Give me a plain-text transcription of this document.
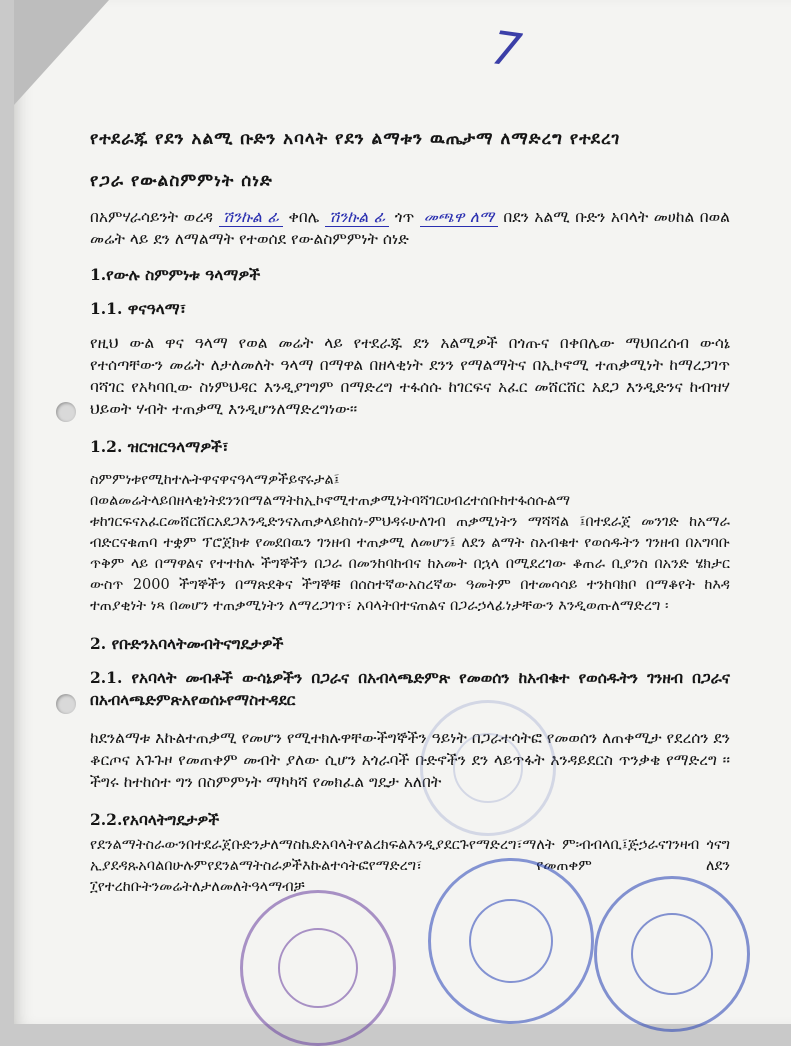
7
የተደራጁ የደን አልሚ ቡድን አባላት የደን ልማቱን ዉጤታማ ለማድረግ የተደረገ
የጋራ የውልስምምነት ሰነድ
በአምሃራሳይንት ወረዳ ሽንኩል ፊ ቀበሌ ሽንኩል ፊ ጎጥ መጫዋ ለማ በደን አልሚ ቡድን አባላት መሀከል በወል መሬት ላይ ደን ለማልማት የተወሰደ የውልስምምነት ሰነድ
1.የውሉ ስምምነቱ ዓላማዎች
1.1. ዋናዓላማ፣
የዚህ ውል ዋና ዓላማ የወል መሬት ላይ የተደራጁ ደን አልሚዎች በጎጡና በቀበሌው ማህበረሰብ ውሳኔ የተሰጣቸውን መሬት ለታለመለት ዓላማ በማዋል በዘላቂነት ደንን የማልማትና በኢኮኖሚ ተጠቃሚነት ከማረጋገጥ ባሻገር የአካባቢው ስነምህዳር እንዲያገግም በማድረግ ተፋሰሱ ከገርፍና አፈር መሸርሸር አደጋ እንዲድንና ከብዝሃ ህይወት ሃብት ተጠቃሚ እንዲሆንለማድረግነው፡፡
1.2. ዝርዝርዓላማዎች፣
ስምምነቱየሚከተሉትዋናዋናዓላማዎችይኖሩታል፤ በወልመሬትላይበዘላቂነትደንንበማልማትከኢኮኖሚተጠቃሚነትባሻገርሀብረተሰቡከተፋሰሱልማ ቱከገርፍናአፈርመሸርሸርአደጋእንዲድንናአጠቃላይከስነ-ምህዳሩሁለገብ ጠቃሚነትን ማሻሻል ፤በተደራጀ መንገድ ከአማራ ብድርናቁጠባ ተቋም ፕሮጀክቱ የመደበዉን ገንዘብ ተጠቃሚ ለመሆን፤ ለደን ልማት ስአብቁተ የወሰዱትን ገንዘብ በአግባቡ ጥቅም ላይ በማዋልና የተተከሉ ችግኞችን በጋራ በመንከባከብና ከአመት በኋላ በሚደረገው ቆጠራ ቢያንስ በአንድ ሄክታር ውስጥ 2000 ችግኞችን በማጽደቅና ችግኞቹ በሰስተኛውአስረኛው ዓመትም በተመሳሳይ ተንከባክቦ በማቆየት ከእዳ ተጠያቂነት ነጻ በመሆን ተጠቃሚነትን ለማረጋገጥ፣ አባላትበተናጠልና በጋራኃላፊነታቸውን እንዲወጡለማድረግ ፡
2. የቡድንአባላትመብትናግዴታዎች
2.1. የአባላት መብቶች ውሳኔዎችን በጋራና በአብላጫድምጽ የመወሰን ከአብቁተ የወሰዱትን ገንዘብ በጋራና በአብላጫድምጽአየወሰኑየማስተዳደር
ከደንልማቱ እኩልተጠቃሚ የመሆን የሚተክሉዋቸውችግኞችን ዓይነት በጋራተሳትፎ የመወሰን ለጠቀሚታ የደረሰን ደን ቆርጦና አጉጉዞ የመጠቀም መብት ያለው ሲሆን አጎራባች ቡድኖችን ደን ላይጥፋት እንዳይደርስ ጥንቃቄ የማድረግ ፡፡ችግሩ ከተከሰተ ግን በስምምነት ማካካሻ የመክፈል ግዴታ አለበት
2.2.የአባላትግዴታዎች
የደንልማትስራውንበተደራጀቡድንታለማስኬድአባላትየልረክፍልእንዲያደርጉየማድረግ፣ማለት ም፡ብብላቢ፤ጅኃራናገንዛብ ጎናግ ኢያደዳጹአባልበሁሉምየደንልማትስራዎችእኩልተሳትፎየማድረግ፣ የመጠቀም ለደን ፲የተረከቡትንመሬትለታለመለትዓላማብቻ
